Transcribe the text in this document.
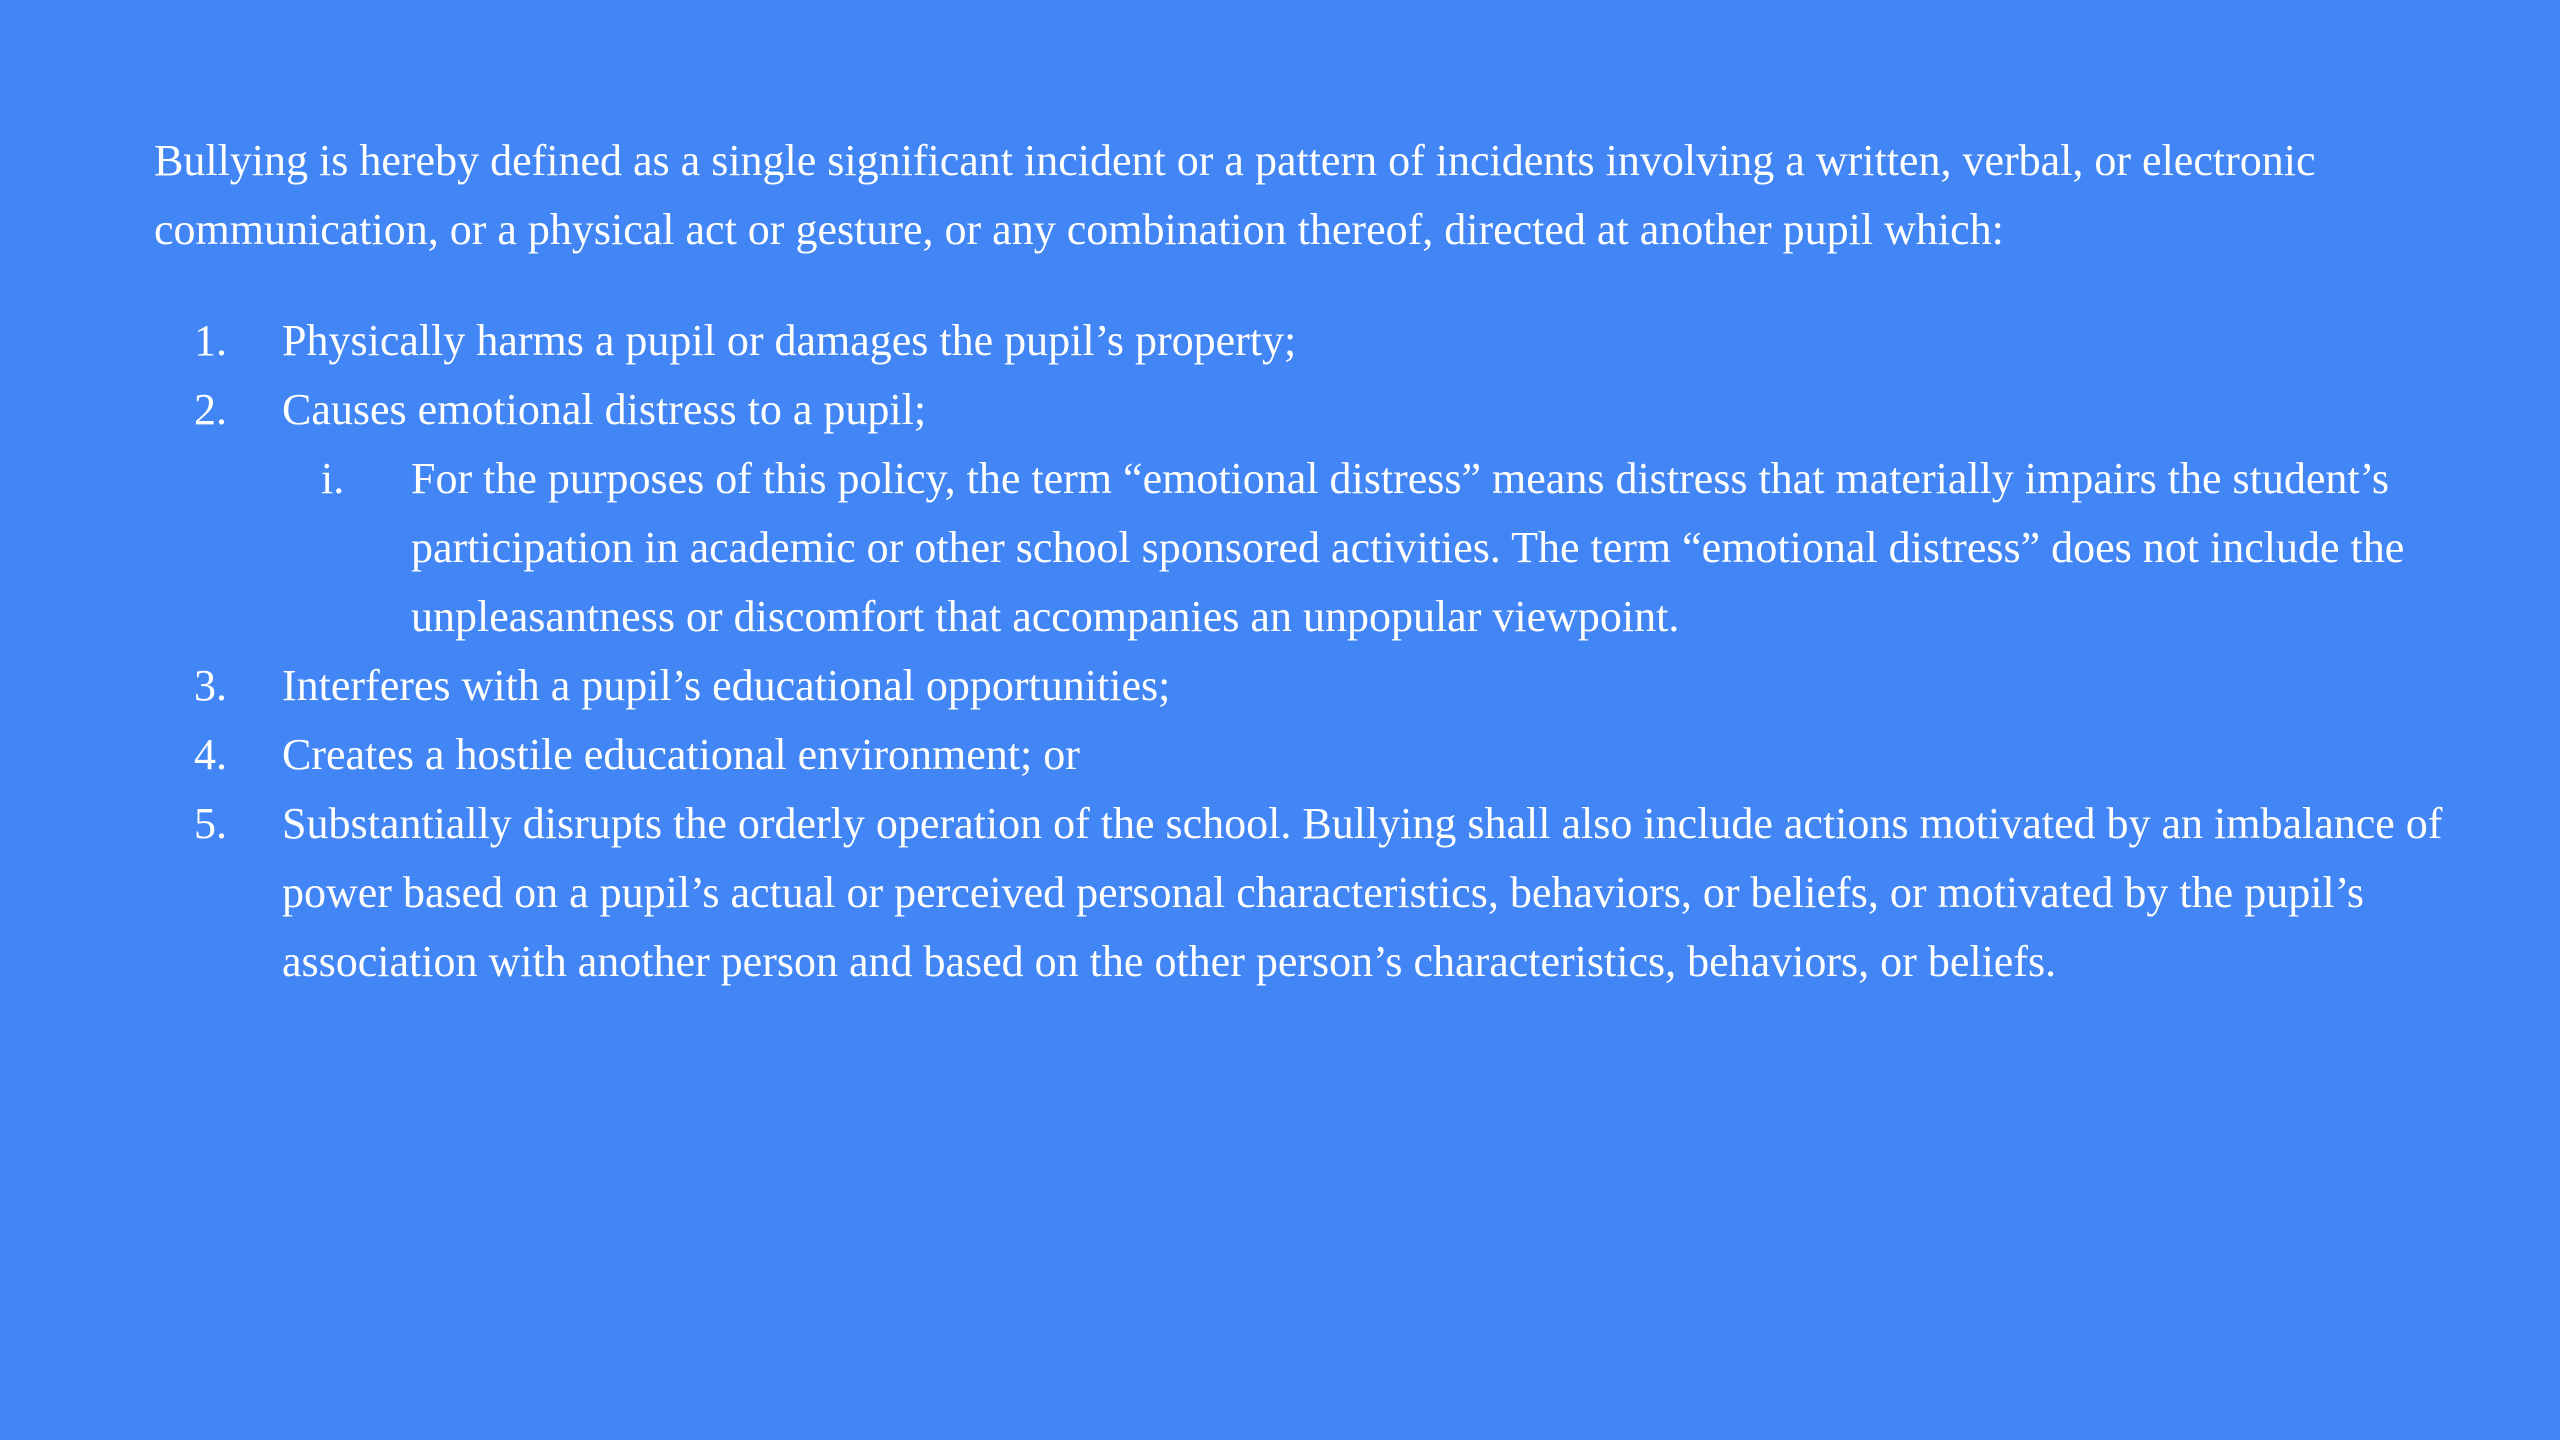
Bullying is hereby defined as a single significant incident or a pattern of incidents involving a written, verbal, or electronic communication, or a physical act or gesture, or any combination thereof, directed at another pupil which:

1. Physically harms a pupil or damages the pupil’s property;
2. Causes emotional distress to a pupil;
i. For the purposes of this policy, the term “emotional distress” means distress that materially impairs the student’s participation in academic or other school sponsored activities. The term “emotional distress” does not include the unpleasantness or discomfort that accompanies an unpopular viewpoint.
3. Interferes with a pupil’s educational opportunities;
4. Creates a hostile educational environment; or
5. Substantially disrupts the orderly operation of the school. Bullying shall also include actions motivated by an imbalance of power based on a pupil’s actual or perceived personal characteristics, behaviors, or beliefs, or motivated by the pupil’s association with another person and based on the other person’s characteristics, behaviors, or beliefs.
